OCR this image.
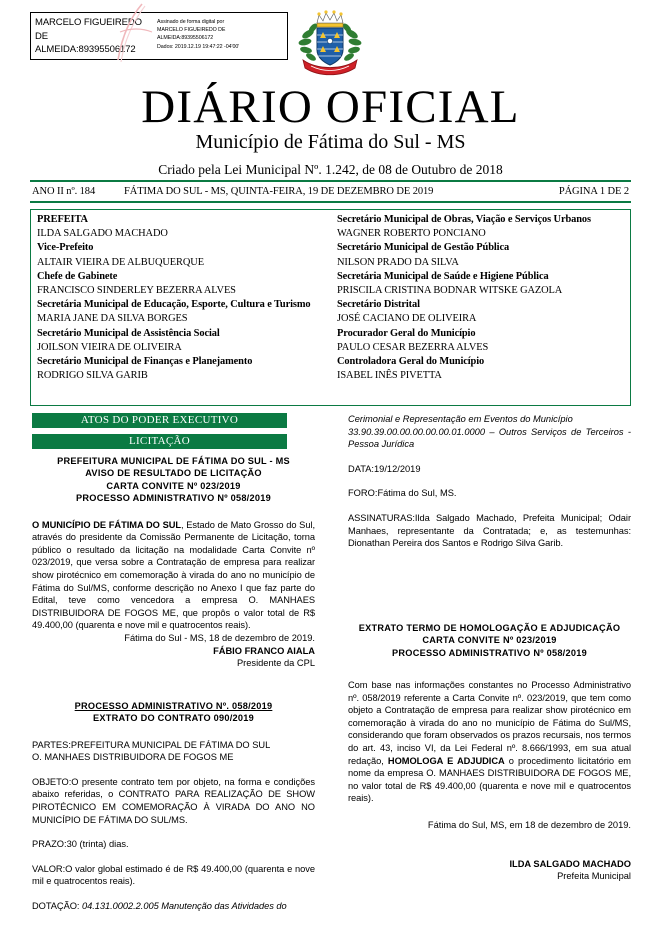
MARCELO FIGUEIREDO
DE
ALMEIDA:89395506172
Assinado de forma digital por
MARCELO FIGUEIREDO DE
ALMEIDA:89395506172
Dados: 2019.12.19 19:47:22 -04'00'
DIÁRIO OFICIAL
Município de Fátima do Sul - MS
Criado pela Lei Municipal Nº. 1.242, de 08 de Outubro de 2018
ANO II nº. 184	FÁTIMA DO SUL - MS, QUINTA-FEIRA, 19 DE DEZEMBRO DE 2019	PÁGINA 1 DE 2
PREFEITA
ILDA SALGADO MACHADO
Vice-Prefeito
ALTAIR VIEIRA DE ALBUQUERQUE
Chefe de Gabinete
FRANCISCO SINDERLEY BEZERRA ALVES
Secretária Municipal de Educação, Esporte, Cultura e Turismo
MARIA JANE DA SILVA BORGES
Secretário Municipal de Assistência Social
JOILSON VIEIRA DE OLIVEIRA
Secretário Municipal de Finanças e Planejamento
RODRIGO SILVA GARIB
Secretário Municipal de Obras, Viação e Serviços Urbanos
WAGNER ROBERTO PONCIANO
Secretário Municipal de Gestão Pública
NILSON PRADO DA SILVA
Secretária Municipal de Saúde e Higiene Pública
PRISCILA CRISTINA BODNAR WITSKE GAZOLA
Secretário Distrital
JOSÉ CACIANO DE OLIVEIRA
Procurador Geral do Município
PAULO CESAR BEZERRA ALVES
Controladora Geral do Município
ISABEL INÊS PIVETTA
ATOS DO PODER EXECUTIVO
LICITAÇÃO
PREFEITURA MUNICIPAL DE FÁTIMA DO SUL - MS
AVISO DE RESULTADO DE LICITAÇÃO
CARTA CONVITE Nº 023/2019
PROCESSO ADMINISTRATIVO Nº 058/2019
O MUNICÍPIO DE FÁTIMA DO SUL, Estado de Mato Grosso do Sul, através do presidente da Comissão Permanente de Licitação, torna público o resultado da licitação na modalidade Carta Convite nº 023/2019, que versa sobre a Contratação de empresa para realizar show pirotécnico em comemoração à virada do ano no município de Fátima do Sul/MS, conforme descrição no Anexo I que faz parte do Edital, teve como vencedora a empresa O. MANHAES DISTRIBUIDORA DE FOGOS ME, que propôs o valor total de R$ 49.400,00 (quarenta e nove mil e quatrocentos reais).
Fátima do Sul - MS, 18 de dezembro de 2019.
FÁBIO FRANCO AIALA
Presidente da CPL
PROCESSO ADMINISTRATIVO Nº. 058/2019
EXTRATO DO CONTRATO 090/2019
PARTES:PREFEITURA MUNICIPAL DE FÁTIMA DO SUL
O. MANHAES DISTRIBUIDORA DE FOGOS ME
OBJETO:O presente contrato tem por objeto, na forma e condições abaixo referidas, o CONTRATO PARA REALIZAÇÃO DE SHOW PIROTÉCNICO EM COMEMORAÇÃO À VIRADA DO ANO NO MUNICÍPIO DE FÁTIMA DO SUL/MS.
PRAZO:30 (trinta) dias.
VALOR:O valor global estimado é de R$ 49.400,00 (quarenta e nove mil e quatrocentos reais).
DOTAÇÃO: 04.131.0002.2.005 Manutenção das Atividades do
Cerimonial e Representação em Eventos do Município
33.90.39.00.00.00.00.00.01.0000 – Outros Serviços de Terceiros - Pessoa Jurídica
DATA:19/12/2019
FORO:Fátima do Sul, MS.
ASSINATURAS:Ilda Salgado Machado, Prefeita Municipal; Odair Manhaes, representante da Contratada; e, as testemunhas: Dionathan Pereira dos Santos e Rodrigo Silva Garib.
EXTRATO TERMO DE HOMOLOGAÇÃO E ADJUDICAÇÃO
CARTA CONVITE Nº 023/2019
PROCESSO ADMINISTRATIVO Nº 058/2019
Com base nas informações constantes no Processo Administrativo nº. 058/2019 referente a Carta Convite nº. 023/2019, que tem como objeto a Contratação de empresa para realizar show pirotécnico em comemoração à virada do ano no município de Fátima do Sul/MS, considerando que foram observados os prazos recursais, nos termos do art. 43, inciso VI, da Lei Federal nº. 8.666/1993, em sua atual redação, HOMOLOGA E ADJUDICA o procedimento licitatório em nome da empresa O. MANHAES DISTRIBUIDORA DE FOGOS ME, no valor total de R$ 49.400,00 (quarenta e nove mil e quatrocentos reais).
Fátima do Sul, MS, em 18 de dezembro de 2019.
ILDA SALGADO MACHADO
Prefeita Municipal
